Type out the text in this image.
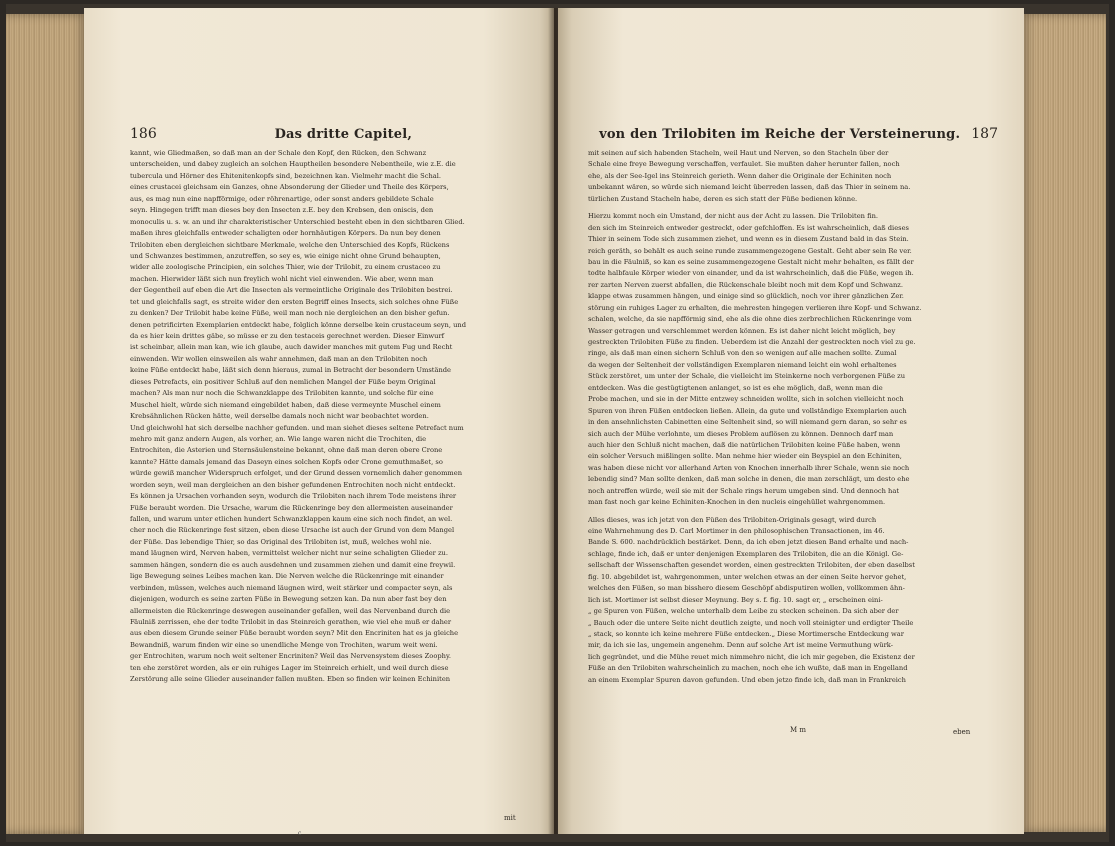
186	Das dritte Capitel,
kannt, wie Gliedmaßen, so daß man an der Schale den Kopf, den Rücken, den Schwanz
unterscheiden, und dabey zugleich an solchen Hauptheilen besondere Nebentheile, wie z.E. die
tubercula und Hörner des Ehitenitenkopfs sind, bezeichnen kan. Vielmehr macht die Schal.
eines crustacei gleichsam ein Ganzes, ohne Absonderung der Glieder und Theile des Körpers,
aus, es mag nun eine napfförmige, oder röhrenartige, oder sonst anders gebildete Schale
seyn. Hingegen trifft man dieses bey den Insecten z.E. bey den Krebsen, den oniscis, den
monoculis u. s. w. an und ihr charakteristischer Unterschied besteht eben in den sichtbaren Glied.
maßen ihres gleichfalls entweder schaligten oder hornhäutigen Körpers. Da nun bey denen
Trilobiten eben dergleichen sichtbare Merkmale, welche den Unterschied des Kopfs, Rückens
und Schwanzes bestimmen, anzutreffen, so sey es, wie einige nicht ohne Grund behaupten,
wider alle zoologische Principien, ein solches Thier, wie der Trilobit, zu einem crustaceo zu
machen. Hierwider läßt sich nun freylich wohl nicht viel einwenden. Wie aber, wenn man
der Gegentheil auf eben die Art die Insecten als vermeintliche Originale des Trilobiten bestrei.
tet und gleichfalls sagt, es streite wider den ersten Begriff eines Insects, sich solches ohne Füße
zu denken? Der Trilobit habe keine Füße, weil man noch nie dergleichen an den bisher gefun.
denen petrificirten Exemplarien entdeckt habe, folglich könne derselbe kein crustaceum seyn, und
da es hier kein drittes gäbe, so müsse er zu den testaceis gerechnet werden. Dieser Einwurf
ist scheinbar, allein man kan, wie ich glaube, auch dawider manches mit gutem Fug und Recht
einwenden. Wir wollen einsweilen als wahr annehmen, daß man an den Trilobiten noch
keine Füße entdeckt habe, läßt sich denn hieraus, zumal in Betracht der besondern Umstände
dieses Petrefacts, ein positiver Schluß auf den nemlichen Mangel der Füße beym Original
machen? Als man nur noch die Schwanzklappe des Trilobiten kannte, und solche für eine
Muschel hielt, würde sich niemand eingebildet haben, daß diese vermeynte Muschel einem
Krebsähnlichen Rücken hätte, weil derselbe damals noch nicht war beobachtet worden.
Und gleichwohl hat sich derselbe nachher gefunden. und man siehet dieses seltene Petrefact num
mehro mit ganz andern Augen, als vorher, an. Wie lange waren nicht die Trochiten, die
Entrochiten, die Asterien und Sternsäulensteine bekannt, ohne daß man deren obere Crone
kannte? Hätte damals jemand das Daseyn eines solchen Kopfs oder Crone gemuthmaßet, so
würde gewiß mancher Widerspruch erfolget, und der Grund dessen vornemlich daher genommen
worden seyn, weil man dergleichen an den bisher gefundenen Entrochiten noch nicht entdeckt.
Es können ja Ursachen vorhanden seyn, wodurch die Trilobiten nach ihrem Tode meistens ihrer
Füße beraubt worden. Die Ursache, warum die Rückenringe bey den allermeisten auseinander
fallen, und warum unter etlichen hundert Schwanzklappen kaum eine sich noch findet, an wel.
cher noch die Rückenringe fest sitzen, eben diese Ursache ist auch der Grund von dem Mangel
der Füße. Das lebendige Thier, so das Original des Trilobiten ist, muß, welches wohl nie.
mand läugnen wird, Nerven haben, vermittelst welcher nicht nur seine schaligten Glieder zu.
sammen hängen, sondern die es auch ausdehnen und zusammen ziehen und damit eine freywil.
lige Bewegung seines Leibes machen kan. Die Nerven welche die Rückenringe mit einander
verbinden, müssen, welches auch niemand läugnen wird, weit stärker und compacter seyn, als
diejenigen, wodurch es seine zarten Füße in Bewegung setzen kan. Da nun aber fast bey den
allermeisten die Rückenringe deswegen auseinander gefallen, weil das Nervenband durch die
Fäulniß zerrissen, ehe der todte Trilobit in das Steinreich gerathen, wie viel ehe muß er daher
aus eben diesem Grunde seiner Füße beraubt worden seyn? Mit den Encriniten hat es ja gleiche
Bewandniß, warum finden wir eine so unendliche Menge von Trochiten, warum weit weni.
ger Entrochiten, warum noch weit seltener Encriniten? Weil das Nervensystem dieses Zoophy.
ten ehe zerstöret worden, als er ein ruhiges Lager im Steinreich erhielt, und weil durch diese
Zerstörung alle seine Glieder auseinander fallen mußten. Eben so finden wir keinen Echiniten
mit
c
von den Trilobiten im Reiche der Versteinerung. 187
mit seinen auf sich habenden Stacheln, weil Haut und Nerven, so den Stacheln über der
Schale eine freye Bewegung verschaffen, verfaulet. Sie mußten daher herunter fallen, noch
ehe, als der See-Igel ins Steinreich gerieth. Wenn daher die Originale der Echiniten noch
unbekannt wären, so würde sich niemand leicht überreden lassen, daß das Thier in seinem na.
türlichen Zustand Stacheln habe, deren es sich statt der Füße bedienen könne.
Hierzu kommt noch ein Umstand, der nicht aus der Acht zu lassen. Die Trilobiten fin.
den sich im Steinreich entweder gestreckt, oder gefchloffen. Es ist wahrscheinlich, daß dieses
Thier in seinem Tode sich zusammen ziehet, und wenn es in diesem Zustand bald in das Stein.
reich geräth, so behält es auch seine runde zusammengezogene Gestalt. Geht aber sein Re ver.
bau in die Fäulniß, so kan es seine zusammengezogene Gestalt nicht mehr behalten, es fällt der
todte halbfaule Körper wieder von einander, und da ist wahrscheinlich, daß die Füße, wegen ih.
rer zarten Nerven zuerst abfallen, die Rückenschale bleibt noch mit dem Kopf und Schwanz.
klappe etwas zusammen hängen, und einige sind so glücklich, noch vor ihrer gänzlichen Zer.
störung ein ruhiges Lager zu erhalten, die mehresten hingegen verlieren ihre Kopf- und Schwanz.
schalen, welche, da sie napfförmig sind, ehe als die ohne dies zerbrechlichen Rückenringe vom
Wasser getragen und verschlemmet werden können. Es ist daher nicht leicht möglich, bey
gestreckten Trilobiten Füße zu finden. Ueberdem ist die Anzahl der gestreckten noch viel zu ge.
ringe, als daß man einen sichern Schluß von den so wenigen auf alle machen sollte. Zumal
da wegen der Seltenheit der vollständigen Exemplaren niemand leicht ein wohl erhaltenes
Stück zerstöret, um unter der Schale, die vielleicht im Steinkerne noch verborgenen Füße zu
entdecken. Was die gestügtigtenen anlanget, so ist es ehe möglich, daß, wenn man die
Probe machen, und sie in der Mitte entzwey schneiden wollte, sich in solchen vielleicht noch
Spuren von ihren Füßen entdecken ließen. Allein, da gute und vollständige Exemplarien auch
in den ansehnlichsten Cabinetten eine Seltenheit sind, so will niemand gern daran, so sehr es
sich auch der Mühe verlohnte, um dieses Problem auflösen zu können. Dennoch darf man
auch hier den Schluß nicht machen, daß die natürlichen Trilobiten keine Füße haben, wenn
ein solcher Versuch mißlingen sollte. Man nehme hier wieder ein Beyspiel an den Echiniten,
was haben diese nicht vor allerhand Arten von Knochen innerhalb ihrer Schale, wenn sie noch
lebendig sind? Man sollte denken, daß man solche in denen, die man zerschlägt, um desto ehe
noch antreffen würde, weil sie mit der Schale rings herum umgeben sind. Und dennoch hat
man fast noch gar keine Echiniten-Knochen in den nucleis eingehüllet wahrgenommen.
Alles dieses, was ich jetzt von den Füßen des Trilobiten-Originals gesagt, wird durch
eine Wahrnehmung des D. Carl Mortimer in den philosophischen Transactionen, im 46.
Bande S. 600. nachdrücklich bestärket. Denn, da ich eben jetzt diesen Band erhalte und nach-
schlage, finde ich, daß er unter denjenigen Exemplaren des Trilobiten, die an die Königl. Ge-
sellschaft der Wissenschaften gesendet worden, einen gestreckten Trilobiten, der eben daselbst
fig. 10. abgebildet ist, wahrgenommen, unter welchen etwas an der einen Seite hervor gehet,
welches den Füßen, so man bisshero diesem Geschöpf abdisputiren wollen, vollkommen ähn-
lich ist. Mortimer ist selbst dieser Meynung. Bey s. f. fig. 10. sagt er, „ erscheinen eini-
„ ge Spuren von Füßen, welche unterhalb dem Leibe zu stecken scheinen. Da sich aber der
„ Bauch oder die untere Seite nicht deutlich zeigte, und noch voll steinigter und erdigter Theile
„ stack, so konnte ich keine mehrere Füße entdecken.„ Diese Mortimersche Entdeckung war
mir, da ich sie las, ungemein angenehm. Denn auf solche Art ist meine Vermuthung würk-
lich gegründet, und die Mühe reuet mich nimmehro nicht, die ich mir gegeben, die Existenz der
Füße an den Trilobiten wahrscheinlich zu machen, noch ehe ich wußte, daß man in Engelland
an einem Exemplar Spuren davon gefunden. Und eben jetzo finde ich, daß man in Frankreich
M m	eben
